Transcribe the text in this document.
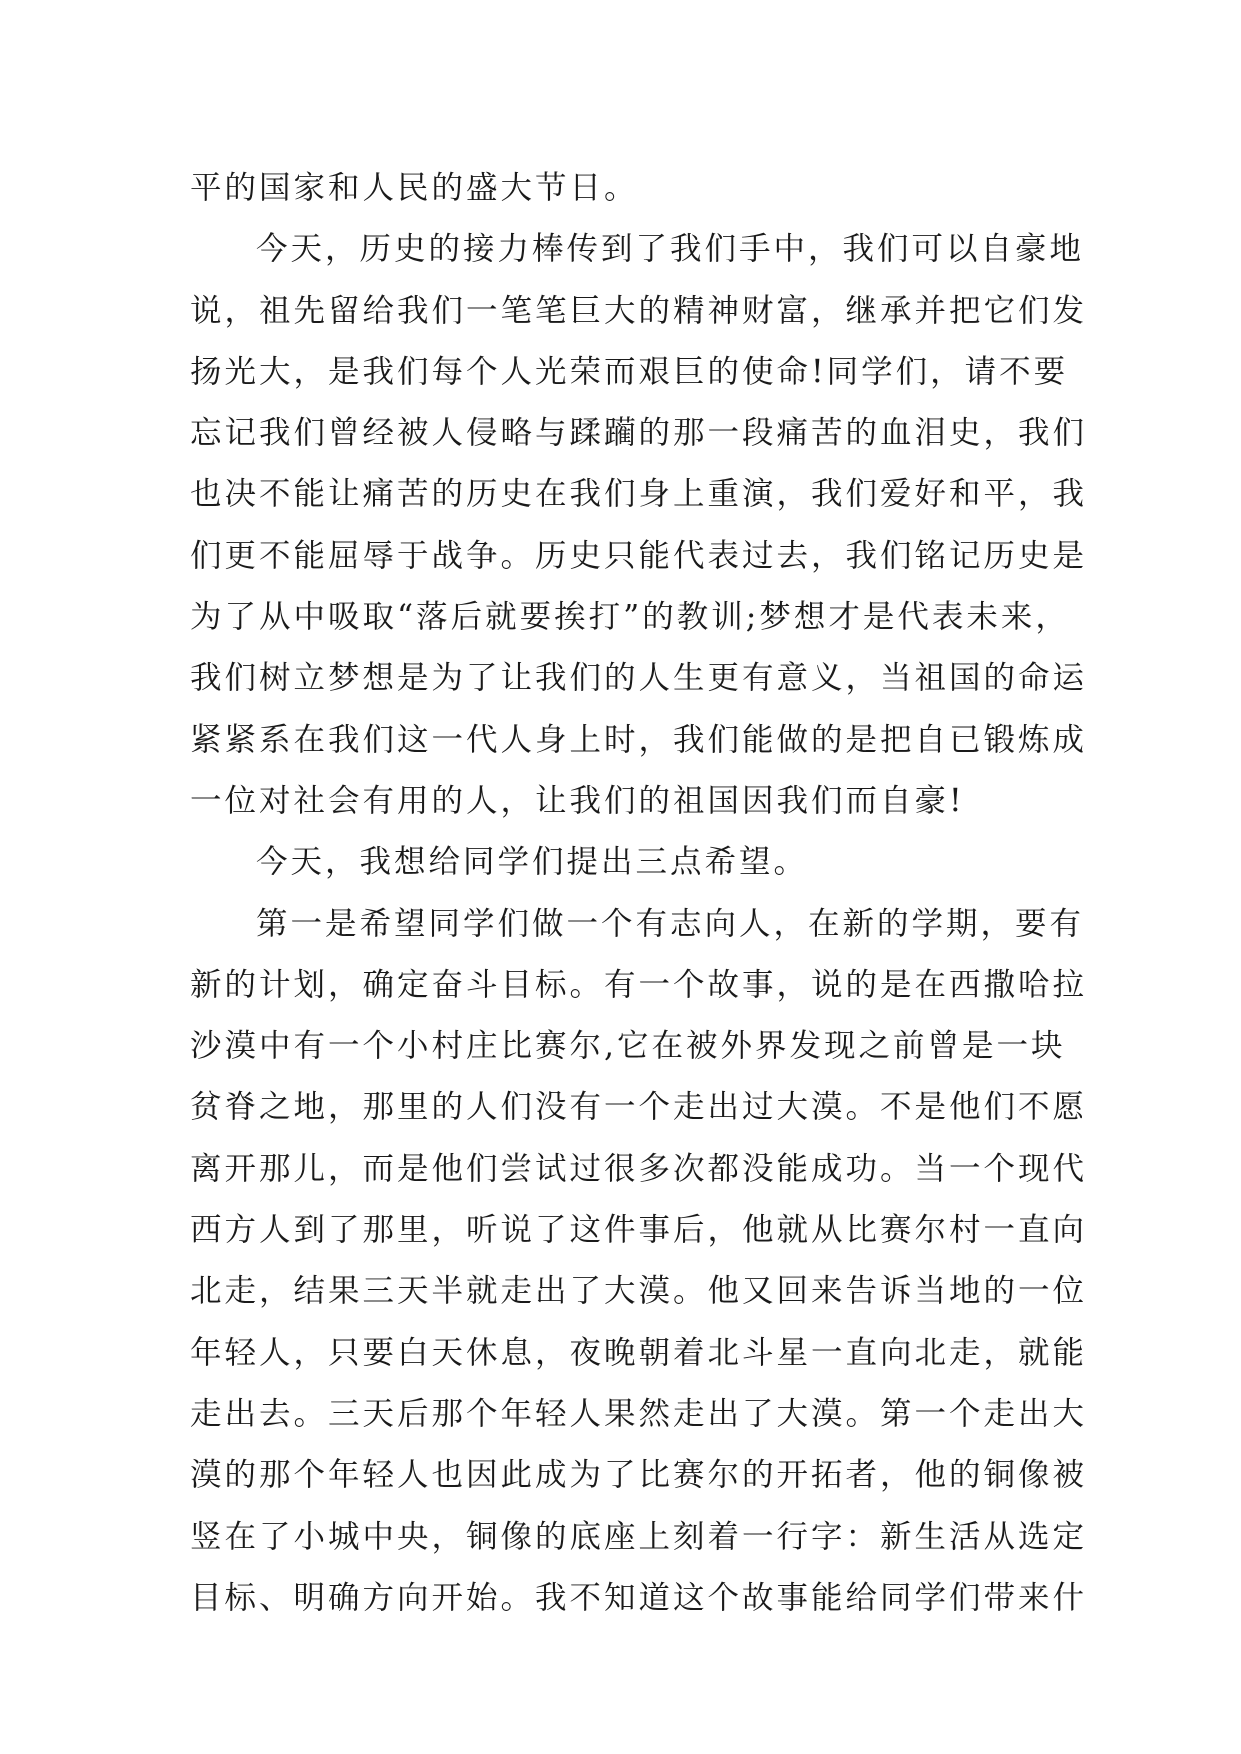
平的国家和人民的盛大节日。
今天，历史的接力棒传到了我们手中，我们可以自豪地
说，祖先留给我们一笔笔巨大的精神财富，继承并把它们发
扬光大，是我们每个人光荣而艰巨的使命!同学们，请不要
忘记我们曾经被人侵略与蹂躏的那一段痛苦的血泪史，我们
也决不能让痛苦的历史在我们身上重演，我们爱好和平，我
们更不能屈辱于战争。历史只能代表过去，我们铭记历史是
为了从中吸取“落后就要挨打”的教训;梦想才是代表未来，
我们树立梦想是为了让我们的人生更有意义，当祖国的命运
紧紧系在我们这一代人身上时，我们能做的是把自已锻炼成
一位对社会有用的人，让我们的祖国因我们而自豪!
今天，我想给同学们提出三点希望。
第一是希望同学们做一个有志向人，在新的学期，要有
新的计划，确定奋斗目标。有一个故事，说的是在西撒哈拉
沙漠中有一个小村庄比赛尔,它在被外界发现之前曾是一块
贫脊之地，那里的人们没有一个走出过大漠。不是他们不愿
离开那儿，而是他们尝试过很多次都没能成功。当一个现代
西方人到了那里，听说了这件事后，他就从比赛尔村一直向
北走，结果三天半就走出了大漠。他又回来告诉当地的一位
年轻人，只要白天休息，夜晚朝着北斗星一直向北走，就能
走出去。三天后那个年轻人果然走出了大漠。第一个走出大
漠的那个年轻人也因此成为了比赛尔的开拓者，他的铜像被
竖在了小城中央，铜像的底座上刻着一行字：新生活从选定
目标、明确方向开始。我不知道这个故事能给同学们带来什
